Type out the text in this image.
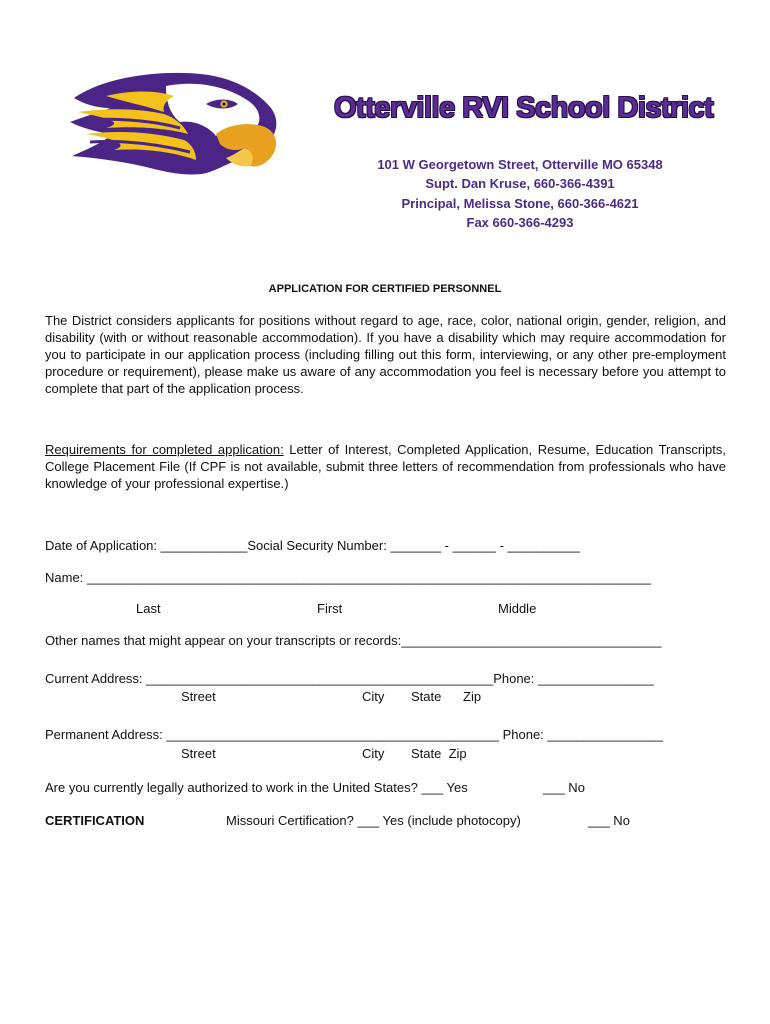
Otterville RVI School District
101 W Georgetown Street, Otterville MO 65348
Supt. Dan Kruse, 660-366-4391
Principal, Melissa Stone, 660-366-4621
Fax 660-366-4293
APPLICATION FOR CERTIFIED PERSONNEL
The District considers applicants for positions without regard to age, race, color, national origin, gender, religion, and disability (with or without reasonable accommodation). If you have a disability which may require accommodation for you to participate in our application process (including filling out this form, interviewing, or any other pre-employment procedure or requirement), please make us aware of any accommodation you feel is necessary before you attempt to complete that part of the application process.
Requirements for completed application: Letter of Interest, Completed Application, Resume, Education Transcripts, College Placement File (If CPF is not available, submit three letters of recommendation from professionals who have knowledge of your professional expertise.)
Date of Application: ____________Social Security Number: _______ - ______ - __________
Name: ______________________________________________________________________________
Last	First	Middle
Other names that might appear on your transcripts or records:____________________________________
Current Address: ________________________________________________Phone: ________________
Street	City State Zip
Permanent Address: ______________________________________________ Phone: ________________
Street	City State  Zip
Are you currently legally authorized to work in the United States? ___ Yes	___ No
CERTIFICATION	Missouri Certification? ___ Yes (include photocopy)	___ No
